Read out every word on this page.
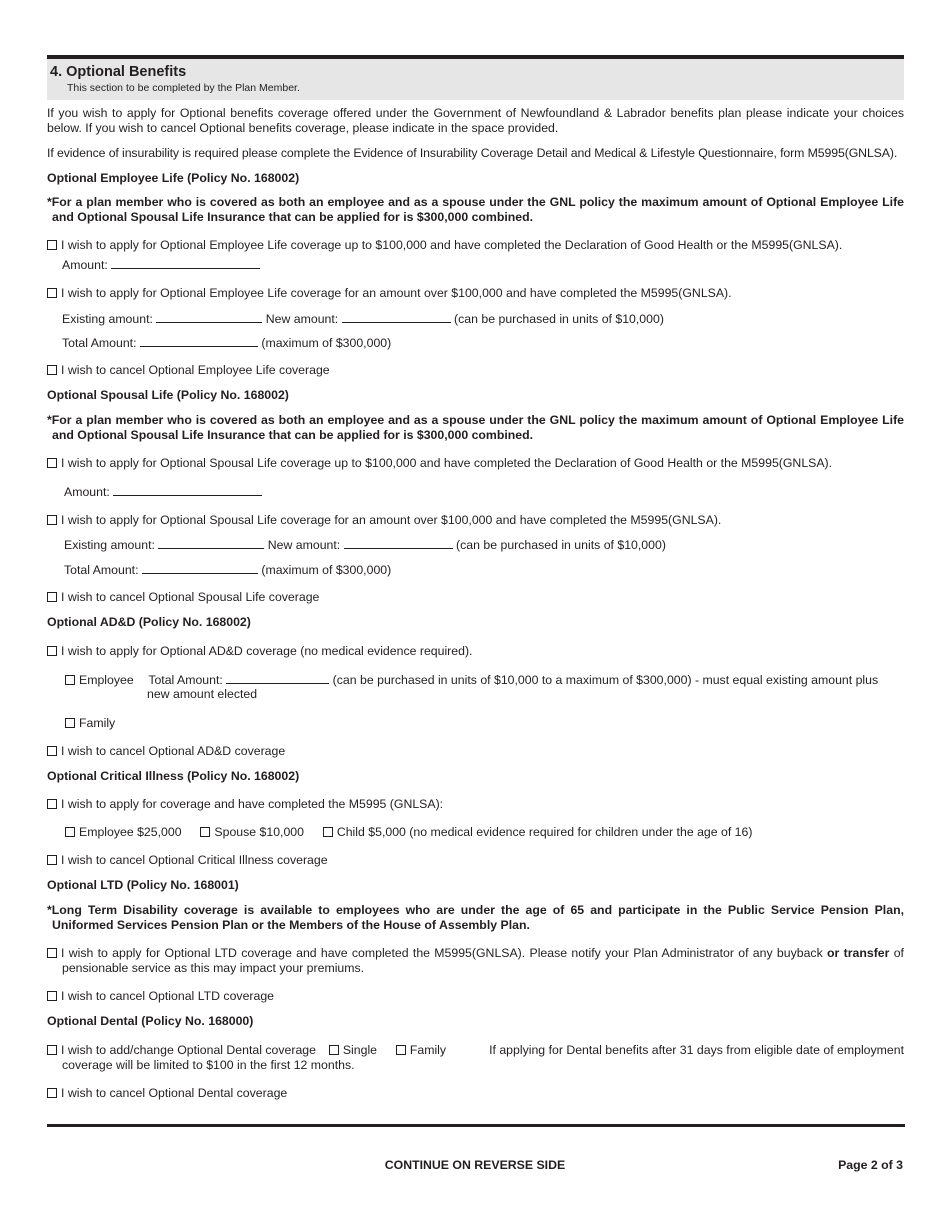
4. Optional Benefits
This section to be completed by the Plan Member.
If you wish to apply for Optional benefits coverage offered under the Government of Newfoundland & Labrador benefits plan please indicate your choices below. If you wish to cancel Optional benefits coverage, please indicate in the space provided.
If evidence of insurability is required please complete the Evidence of Insurability Coverage Detail and Medical & Lifestyle Questionnaire, form M5995(GNLSA).
Optional Employee Life (Policy No. 168002)
*For a plan member who is covered as both an employee and as a spouse under the GNL policy the maximum amount of Optional Employee Life and Optional Spousal Life Insurance that can be applied for is $300,000 combined.
I wish to apply for Optional Employee Life coverage up to $100,000 and have completed the Declaration of Good Health or the M5995(GNLSA).
Amount:
I wish to apply for Optional Employee Life coverage for an amount over $100,000 and have completed the M5995(GNLSA).
Existing amount:	New amount:	(can be purchased in units of $10,000)
Total Amount:	(maximum of $300,000)
I wish to cancel Optional Employee Life coverage
Optional Spousal Life (Policy No. 168002)
*For a plan member who is covered as both an employee and as a spouse under the GNL policy the maximum amount of Optional Employee Life and Optional Spousal Life Insurance that can be applied for is $300,000 combined.
I wish to apply for Optional Spousal Life coverage up to $100,000 and have completed the Declaration of Good Health or the M5995(GNLSA).
Amount:
I wish to apply for Optional Spousal Life coverage for an amount over $100,000 and have completed the M5995(GNLSA).
Existing amount:	New amount:	(can be purchased in units of $10,000)
Total Amount:	(maximum of $300,000)
I wish to cancel Optional Spousal Life coverage
Optional AD&D (Policy No. 168002)
I wish to apply for Optional AD&D coverage (no medical evidence required).
Employee Total Amount:	(can be purchased in units of $10,000 to a maximum of $300,000) - must equal existing amount plus
new amount elected
Family
I wish to cancel Optional AD&D coverage
Optional Critical Illness (Policy No. 168002)
I wish to apply for coverage and have completed the M5995 (GNLSA):
Employee $25,000	Spouse $10,000	Child $5,000 (no medical evidence required for children under the age of 16)
I wish to cancel Optional Critical Illness coverage
Optional LTD (Policy No. 168001)
*Long Term Disability coverage is available to employees who are under the age of 65 and participate in the Public Service Pension Plan, Uniformed Services Pension Plan or the Members of the House of Assembly Plan.
I wish to apply for Optional LTD coverage and have completed the M5995(GNLSA). Please notify your Plan Administrator of any buyback or transfer of pensionable service as this may impact your premiums.
I wish to cancel Optional LTD coverage
Optional Dental (Policy No. 168000)
I wish to add/change Optional Dental coverage Single	Family	If applying for Dental benefits after 31 days from eligible date of employment
coverage will be limited to $100 in the first 12 months.
I wish to cancel Optional Dental coverage
CONTINUE ON REVERSE SIDE	Page 2 of 3
